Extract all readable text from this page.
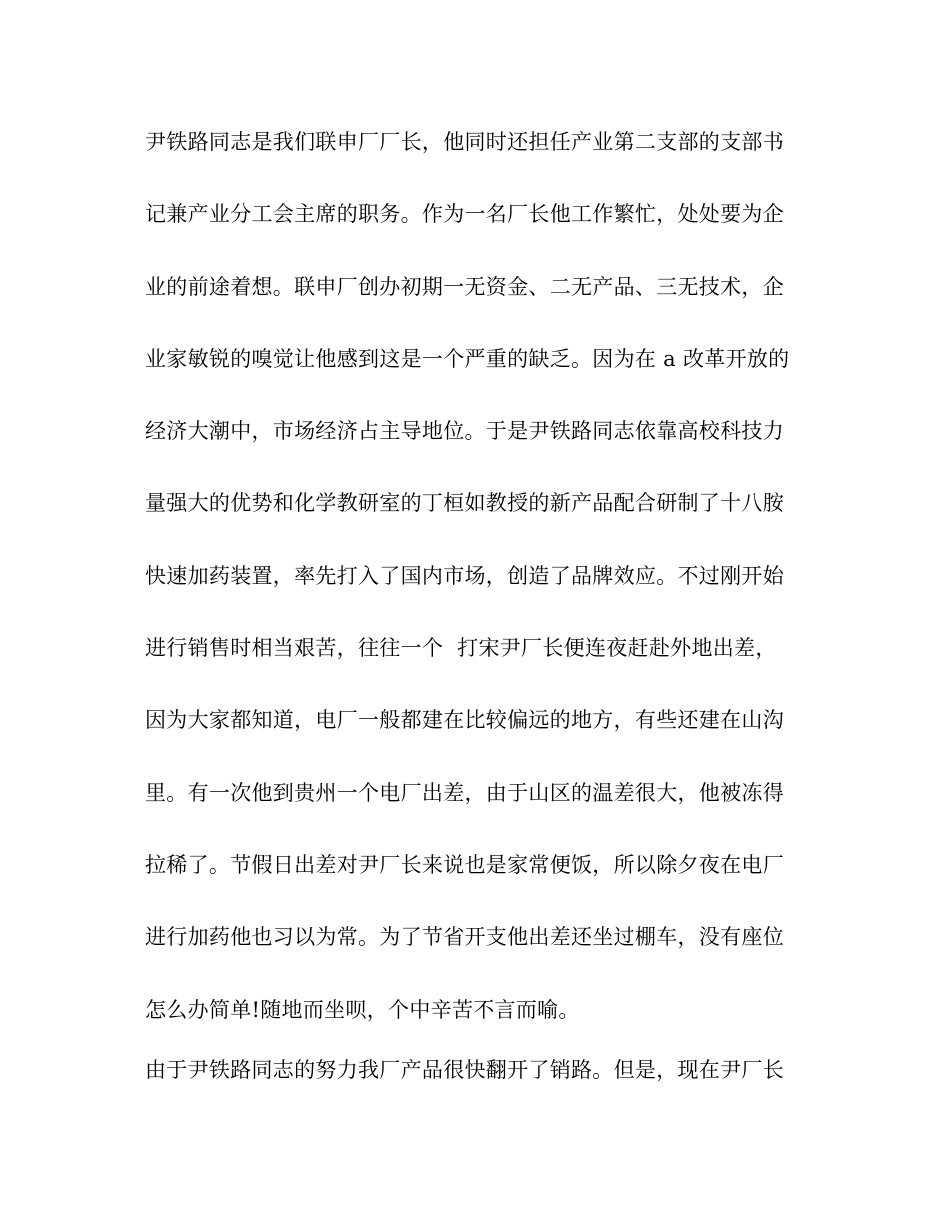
尹铁路同志是我们联申厂厂长，他同时还担任产业第二支部的支部书
记兼产业分工会主席的职务。作为一名厂长他工作繁忙，处处要为企
业的前途着想。联申厂创办初期一无资金、二无产品、三无技术，企
业家敏锐的嗅觉让他感到这是一个严重的缺乏。因为在 a 改革开放的
经济大潮中，市场经济占主导地位。于是尹铁路同志依靠高校科技力
量强大的优势和化学教研室的丁桓如教授的新产品配合研制了十八胺
快速加药装置，率先打入了国内市场，创造了品牌效应。不过刚开始
进行销售时相当艰苦，往往一个  打宋尹厂长便连夜赶赴外地出差，
因为大家都知道，电厂一般都建在比较偏远的地方，有些还建在山沟
里。有一次他到贵州一个电厂出差，由于山区的温差很大，他被冻得
拉稀了。节假日出差对尹厂长来说也是家常便饭，所以除夕夜在电厂
进行加药他也习以为常。为了节省开支他出差还坐过棚车，没有座位
怎么办简单!随地而坐呗，个中辛苦不言而喻。
由于尹铁路同志的努力我厂产品很快翻开了销路。但是，现在尹厂长
